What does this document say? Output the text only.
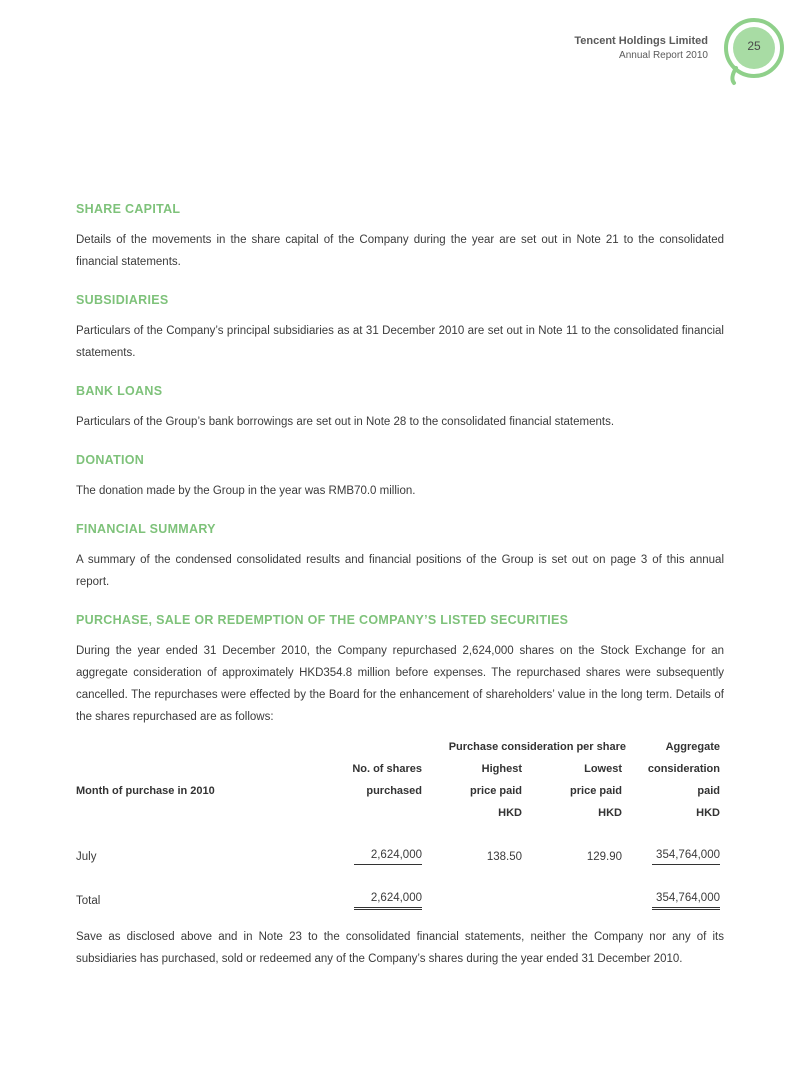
Tencent Holdings Limited
Annual Report 2010
25
SHARE CAPITAL

Details of the movements in the share capital of the Company during the year are set out in Note 21 to the consolidated financial statements.

SUBSIDIARIES

Particulars of the Company’s principal subsidiaries as at 31 December 2010 are set out in Note 11 to the consolidated financial statements.

BANK LOANS

Particulars of the Group’s bank borrowings are set out in Note 28 to the consolidated financial statements.

DONATION

The donation made by the Group in the year was RMB70.0 million.

FINANCIAL SUMMARY

A summary of the condensed consolidated results and financial positions of the Group is set out on page 3 of this annual report.

PURCHASE, SALE OR REDEMPTION OF THE COMPANY’S LISTED SECURITIES

During the year ended 31 December 2010, the Company repurchased 2,624,000 shares on the Stock Exchange for an aggregate consideration of approximately HKD354.8 million before expenses. The repurchased shares were subsequently cancelled. The repurchases were effected by the Board for the enhancement of shareholders’ value in the long term. Details of the shares repurchased are as follows:

		Purchase consideration per share		Aggregate
	No. of shares	Highest	Lowest	consideration
Month of purchase in 2010	purchased	price paid	price paid	paid
		HKD	HKD	HKD

July	2,624,000	138.50	129.90	354,764,000

Total	2,624,000			354,764,000

Save as disclosed above and in Note 23 to the consolidated financial statements, neither the Company nor any of its subsidiaries has purchased, sold or redeemed any of the Company’s shares during the year ended 31 December 2010.
